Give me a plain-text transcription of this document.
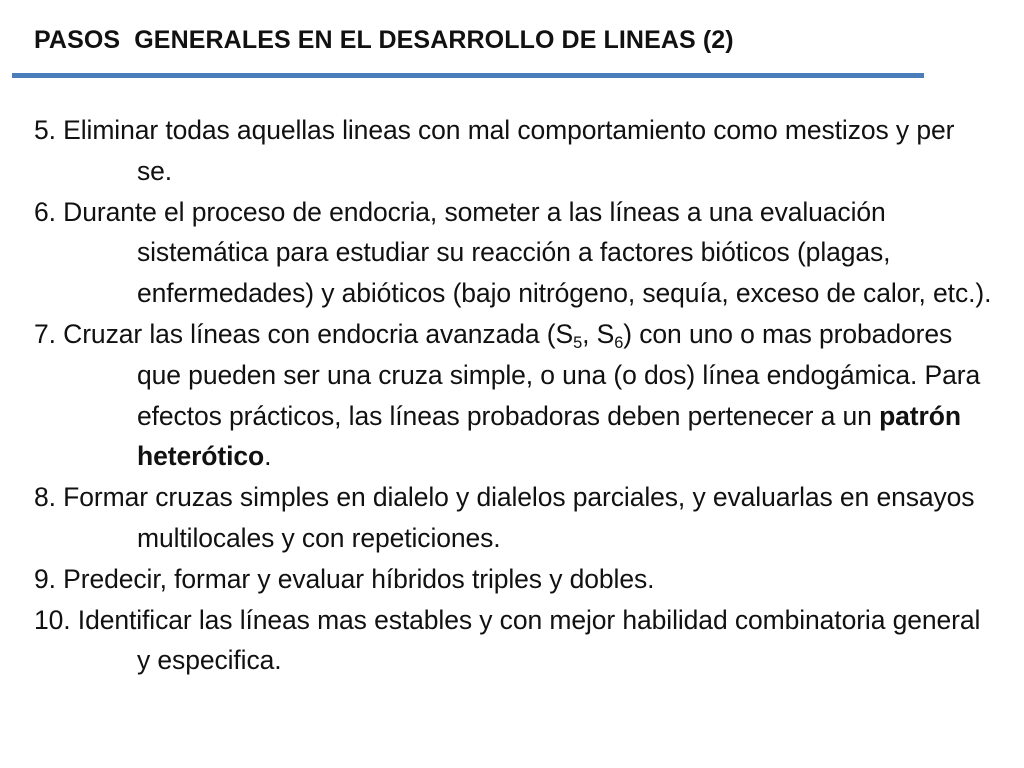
PASOS  GENERALES EN EL DESARROLLO DE LINEAS (2)

5. Eliminar todas aquellas lineas con mal comportamiento como mestizos y per se.

6. Durante el proceso de endocria, someter a las líneas a una evaluación sistemática para estudiar su reacción a factores bióticos (plagas, enfermedades) y abióticos (bajo nitrógeno, sequía, exceso de calor, etc.).

7. Cruzar las líneas con endocria avanzada ($S_5$, $S_6$) con uno o mas probadores que pueden ser una cruza simple, o una (o dos) línea endogámica. Para efectos prácticos, las líneas probadoras deben pertenecer a un patrón heterótico.

8. Formar cruzas simples en dialelo y dialelos parciales, y evaluarlas en ensayos multilocales y con repeticiones.

9. Predecir, formar y evaluar híbridos triples y dobles.

10. Identificar las líneas mas estables y con mejor habilidad combinatoria general y especifica.
